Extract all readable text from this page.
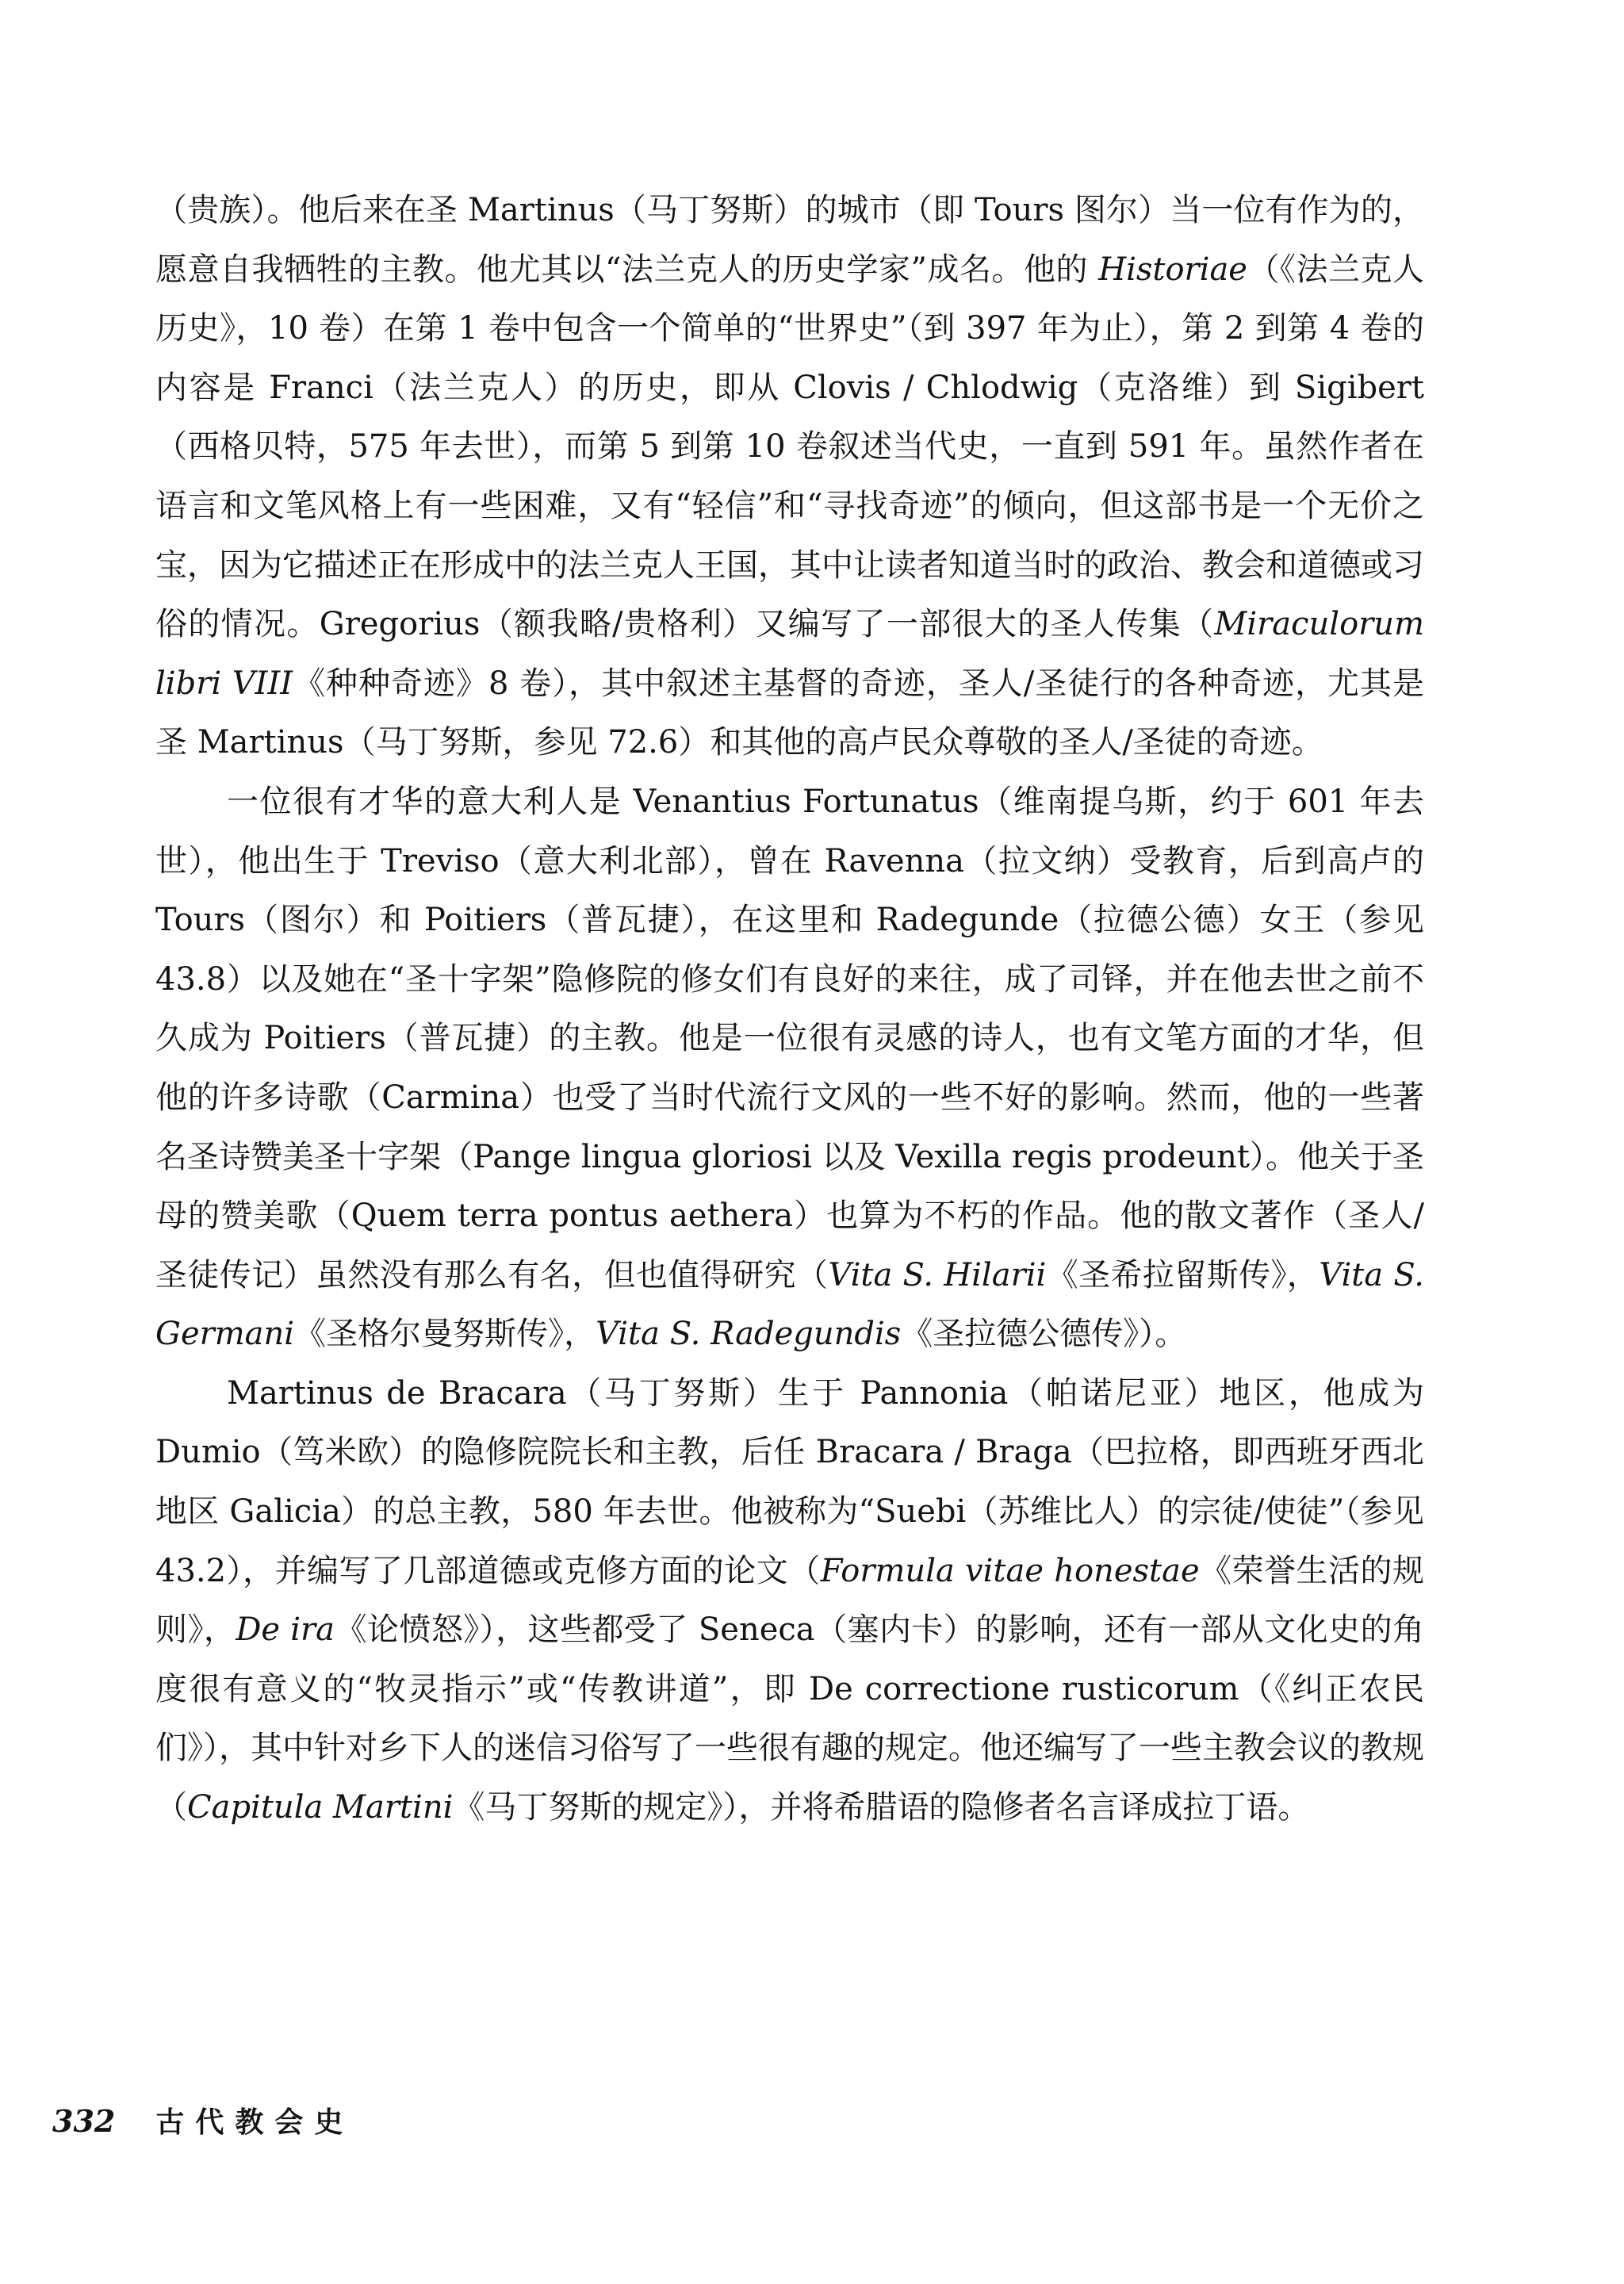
（贵族）。他后来在圣 Martinus（马丁努斯）的城市（即 Tours 图尔）当一位有作为的，愿意自我牺牲的主教。他尤其以“法兰克人的历史学家”成名。他的 Historiae（《法兰克人历史》，10 卷）在第 1 卷中包含一个简单的“世界史”（到 397 年为止），第 2 到第 4 卷的内容是 Franci（法兰克人）的历史，即从 Clovis / Chlodwig（克洛维）到 Sigibert（西格贝特，575 年去世），而第 5 到第 10 卷叙述当代史，一直到 591 年。虽然作者在语言和文笔风格上有一些困难，又有“轻信”和“寻找奇迹”的倾向，但这部书是一个无价之宝，因为它描述正在形成中的法兰克人王国，其中让读者知道当时的政治、教会和道德或习俗的情况。Gregorius（额我略/贵格利）又编写了一部很大的圣人传集（Miraculorum libri VIII《种种奇迹》8 卷），其中叙述主基督的奇迹，圣人/圣徒行的各种奇迹，尤其是圣 Martinus（马丁努斯，参见 72.6）和其他的高卢民众尊敬的圣人/圣徒的奇迹。

一位很有才华的意大利人是 Venantius Fortunatus（维南提乌斯，约于 601 年去世），他出生于 Treviso（意大利北部），曾在 Ravenna（拉文纳）受教育，后到高卢的 Tours（图尔）和 Poitiers（普瓦捷），在这里和 Radegunde（拉德公德）女王（参见43.8）以及她在“圣十字架”隐修院的修女们有良好的来往，成了司铎，并在他去世之前不久成为 Poitiers（普瓦捷）的主教。他是一位很有灵感的诗人，也有文笔方面的才华，但他的许多诗歌（Carmina）也受了当时代流行文风的一些不好的影响。然而，他的一些著名圣诗赞美圣十字架（Pange lingua gloriosi 以及 Vexilla regis prodeunt）。他关于圣母的赞美歌（Quem terra pontus aethera）也算为不朽的作品。他的散文著作（圣人/圣徒传记）虽然没有那么有名，但也值得研究（Vita S. Hilarii《圣希拉留斯传》，Vita S. Germani《圣格尔曼努斯传》，Vita S. Radegundis《圣拉德公德传》）。

Martinus de Bracara（马丁努斯）生于 Pannonia（帕诺尼亚）地区，他成为 Dumio（笃米欧）的隐修院院长和主教，后任 Bracara / Braga（巴拉格，即西班牙西北地区 Galicia）的总主教，580 年去世。他被称为“Suebi（苏维比人）的宗徒/使徒”（参见 43.2），并编写了几部道德或克修方面的论文（Formula vitae honestae《荣誉生活的规则》，De ira《论愤怒》），这些都受了 Seneca（塞内卡）的影响，还有一部从文化史的角度很有意义的“牧灵指示”或“传教讲道”，即 De correctione rusticorum（《纠正农民们》），其中针对乡下人的迷信习俗写了一些很有趣的规定。他还编写了一些主教会议的教规（Capitula Martini《马丁努斯的规定》），并将希腊语的隐修者名言译成拉丁语。

332 古代教会史
